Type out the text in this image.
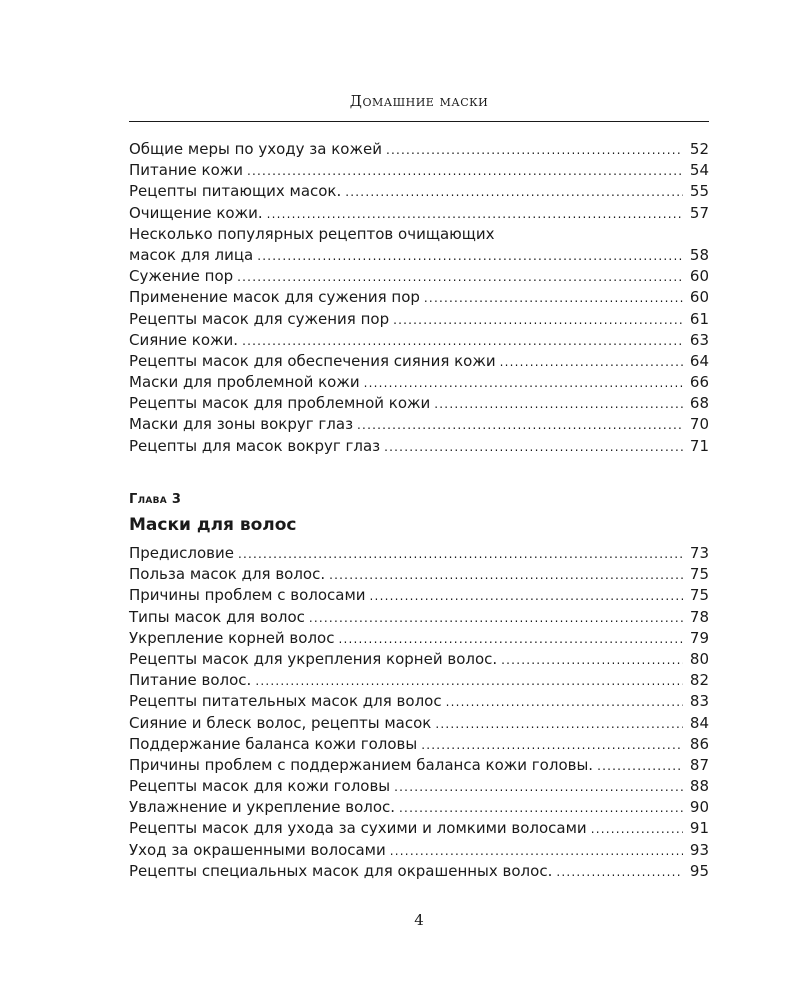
Домашние маски
Общие меры по уходу за кожей .....	52
Питание кожи .....	54
Рецепты питающих масок. .....	55
Очищение кожи. .....	57
Несколько популярных рецептов очищающих
масок для лица .....	58
Сужение пор .....	60
Применение масок для сужения пор .....	60
Рецепты масок для сужения пор .....	61
Сияние кожи. .....	63
Рецепты масок для обеспечения сияния кожи .....	64
Маски для проблемной кожи .....	66
Рецепты масок для проблемной кожи .....	68
Маски для зоны вокруг глаз .....	70
Рецепты для масок вокруг глаз .....	71
Глава 3
Маски для волос
Предисловие .....	73
Польза масок для волос. .....	75
Причины проблем с волосами .....	75
Типы масок для волос .....	78
Укрепление корней волос .....	79
Рецепты масок для укрепления корней волос. .....	80
Питание волос. .....	82
Рецепты питательных масок для волос .....	83
Сияние и блеск волос, рецепты масок .....	84
Поддержание баланса кожи головы .....	86
Причины проблем с поддержанием баланса кожи головы. .....	87
Рецепты масок для кожи головы .....	88
Увлажнение и укрепление волос. .....	90
Рецепты масок для ухода за сухими и ломкими волосами .....	91
Уход за окрашенными волосами .....	93
Рецепты специальных масок для окрашенных волос. .....	95
4
